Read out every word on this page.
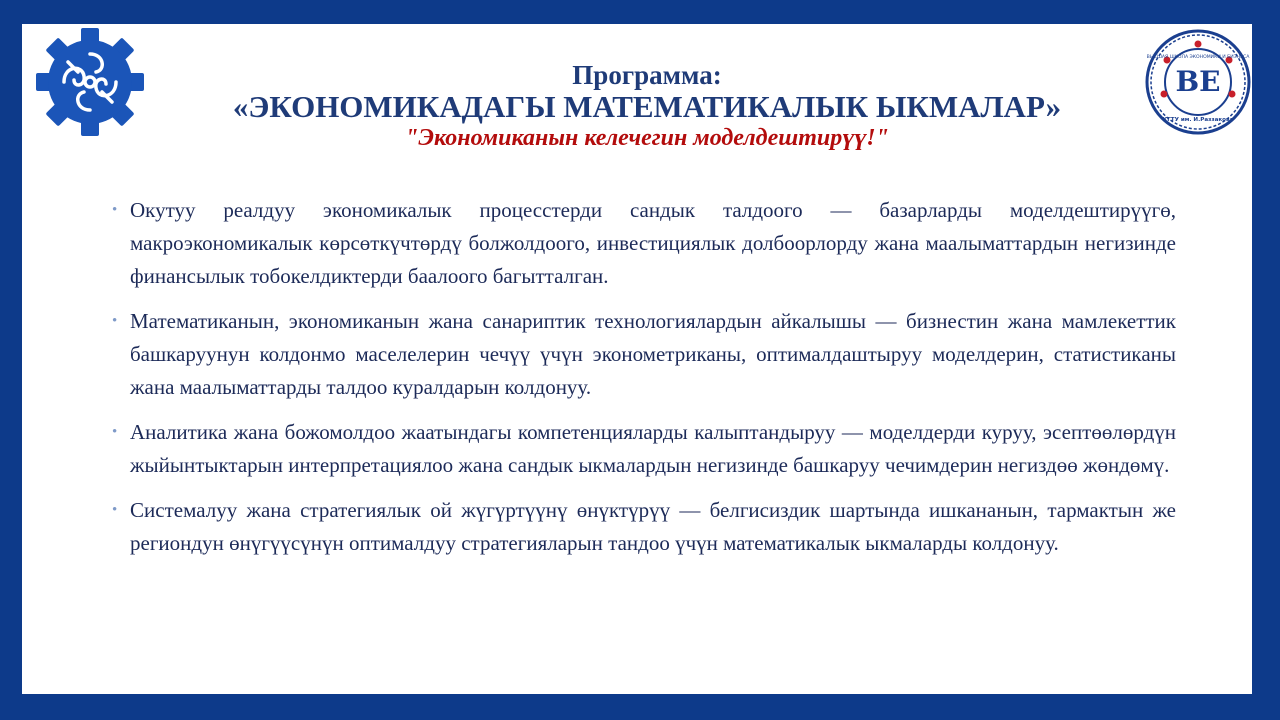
Программа:
«ЭКОНОМИКАДАГЫ МАТЕМАТИКАЛЫК ЫКМАЛАР»
"Экономиканын келечегин моделдештирүү!"
ВЕ
ВЫСШАЯ ШКОЛА ЭКОНОМИКИ И БИЗНЕСА
КГТУ им. И.Раззакова
• Окутуу реалдуу экономикалык процесстерди сандык талдоого — базарларды моделдештирүүгө, макроэкономикалык көрсөткүчтөрдү болжолдоого, инвестициялык долбоорлорду жана маалыматтардын негизинде финансылык тобокелдиктерди баалоого багытталган.
• Математиканын, экономиканын жана санариптик технологиялардын айкалышы — бизнестин жана мамлекеттик башкаруунун колдонмо маселелерин чечүү үчүн эконометриканы, оптималдаштыруу моделдерин, статистиканы жана маалыматтарды талдоо куралдарын колдонуу.
• Аналитика жана божомолдоо жаатындагы компетенцияларды калыптандыруу — моделдерди куруу, эсептөөлөрдүн жыйынтыктарын интерпретациялоо жана сандык ыкмалардын негизинде башкаруу чечимдерин негиздөө жөндөмү.
• Системалуу жана стратегиялык ой жүгүртүүнү өнүктүрүү — белгисиздик шартында ишкананын, тармактын же региондун өнүгүүсүнүн оптималдуу стратегияларын тандоо үчүн математикалык ыкмаларды колдонуу.
